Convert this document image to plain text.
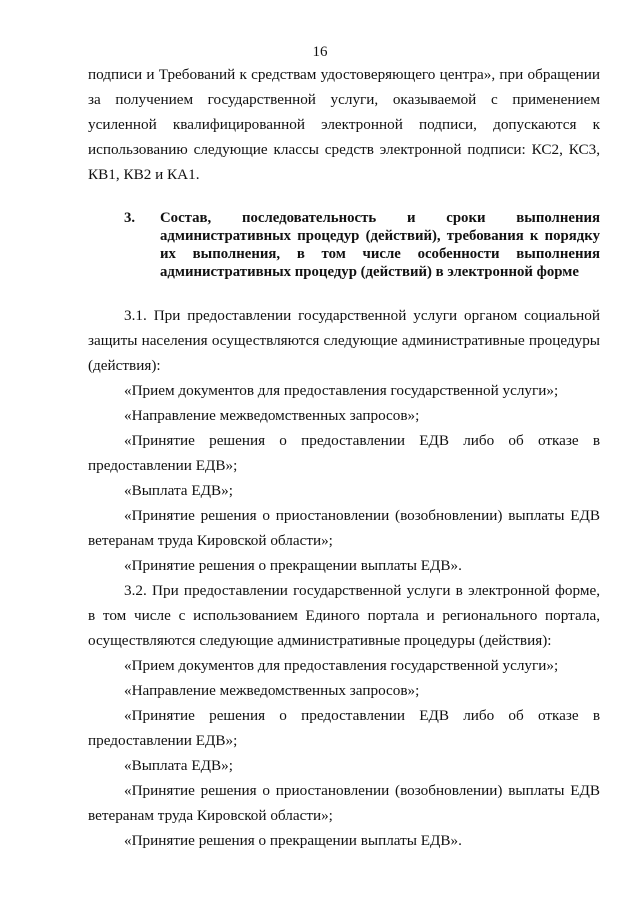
16

подписи и Требований к средствам удостоверяющего центра», при обращении за получением государственной услуги, оказываемой с применением усиленной квалифицированной электронной подписи, допускаются к использованию следующие классы средств электронной подписи: КС2, КС3, КВ1, КВ2 и КА1.

3.	Состав, последовательность и сроки выполнения административных процедур (действий), требования к порядку их выполнения, в том числе особенности выполнения административных процедур (действий) в электронной форме

3.1. При предоставлении государственной услуги органом социальной защиты населения осуществляются следующие административные процедуры (действия):

«Прием документов для предоставления государственной услуги»;

«Направление межведомственных запросов»;

«Принятие решения о предоставлении ЕДВ либо об отказе в предоставлении ЕДВ»;

«Выплата ЕДВ»;

«Принятие решения о приостановлении (возобновлении) выплаты ЕДВ ветеранам труда Кировской области»;

«Принятие решения о прекращении выплаты ЕДВ».

3.2. При предоставлении государственной услуги в электронной форме, в том числе с использованием Единого портала и регионального портала, осуществляются следующие административные процедуры (действия):

«Прием документов для предоставления государственной услуги»;

«Направление межведомственных запросов»;

«Принятие решения о предоставлении ЕДВ либо об отказе в предоставлении ЕДВ»;

«Выплата ЕДВ»;

«Принятие решения о приостановлении (возобновлении) выплаты ЕДВ ветеранам труда Кировской области»;

«Принятие решения о прекращении выплаты ЕДВ».
